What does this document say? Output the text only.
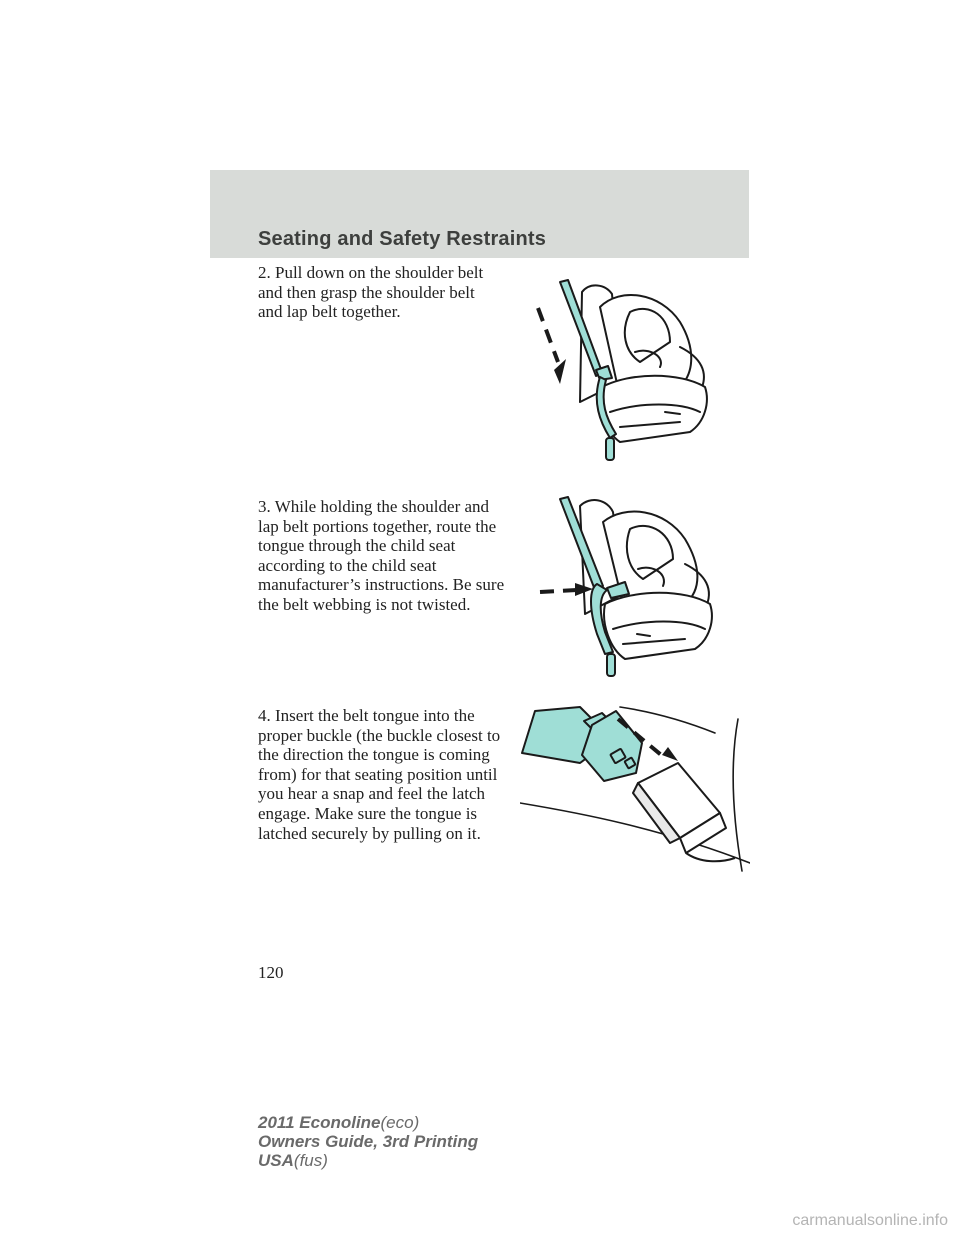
Seating and Safety Restraints
2. Pull down on the shoulder belt
and then grasp the shoulder belt
and lap belt together.
3. While holding the shoulder and
lap belt portions together, route the
tongue through the child seat
according to the child seat
manufacturer’s instructions. Be sure
the belt webbing is not twisted.
4. Insert the belt tongue into the
proper buckle (the buckle closest to
the direction the tongue is coming
from) for that seating position until
you hear a snap and feel the latch
engage. Make sure the tongue is
latched securely by pulling on it.
120
2011 Econoline(eco)
Owners Guide, 3rd Printing
USA(fus)
carmanualsonline.info
